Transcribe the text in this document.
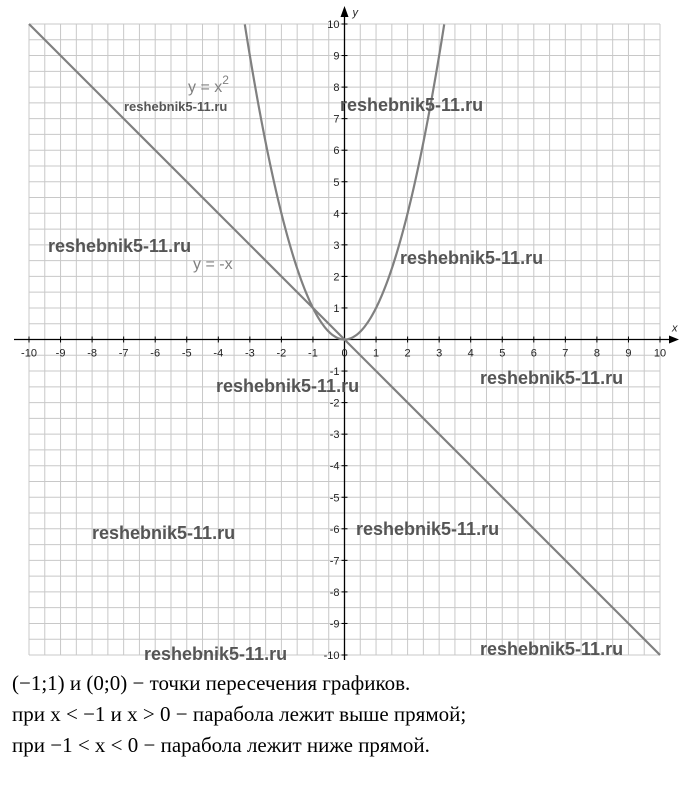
x
y
-10 -9 -8 -7 -6 -5 -4 -3 -2 -1 0 1 2 3 4 5 6 7 8 9 10
10
9
8
7
6
5
4
3
2
1
-1
-2
-3
-4
-5
-6
-7
-8
-9
-10
$y = x^2$
y = -x
reshebnik5-11.ru	reshebnik5-11.ru
reshebnik5-11.ru
reshebnik5-11.ru
reshebnik5-11.ru
reshebnik5-11.ru
reshebnik5-11.ru	reshebnik5-11.ru
reshebnik5-11.ru	reshebnik5-11.ru
(−1;1) и (0;0) − точки пересечения графиков.
при x < −1 и x > 0 − парабола лежит выше прямой;
при −1 < x < 0 − парабола лежит ниже прямой.
